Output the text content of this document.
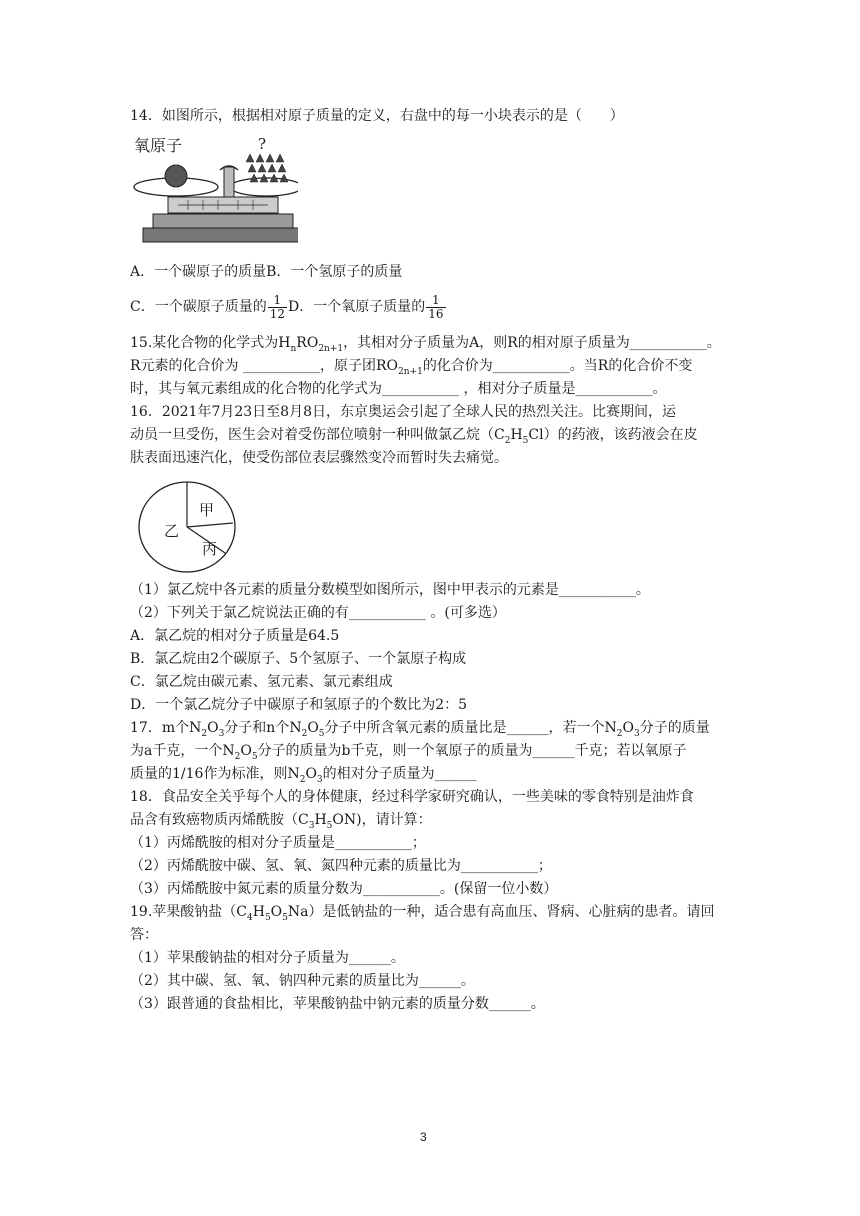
14．如图所示，根据相对原子质量的定义，右盘中的每一小块表示的是（　　）
氧原子	?
A．一个碳原子的质量B．一个氢原子的质量
C．一个碳原子质量的 $\frac{1}{12}$ D．一个氧原子质量的 $\frac{1}{16}$
15.某化合物的化学式为$H_nRO_{2n+1}$，其相对分子质量为A，则R的相对原子质量为___________。
R元素的化合价为 ___________，原子团$RO_{2n+1}$的化合价为___________。当R的化合价不变
时，其与氧元素组成的化合物的化学式为___________ ，相对分子质量是___________。
16．2021年7月23日至8月8日，东京奥运会引起了全球人民的热烈关注。比赛期间，运
动员一旦受伤，医生会对着受伤部位喷射一种叫做氯乙烷$(C_2H_5Cl)$的药液，该药液会在皮
肤表面迅速汽化，使受伤部位表层骤然变冷而暂时失去痛觉。
甲
乙
丙
（1）氯乙烷中各元素的质量分数模型如图所示，图中甲表示的元素是___________。
（2）下列关于氯乙烷说法正确的有___________ 。(可多选）
A．氯乙烷的相对分子质量是64.5
B．氯乙烷由2个碳原子、5个氢原子、一个氯原子构成
C．氯乙烷由碳元素、氢元素、氯元素组成
D．一个氯乙烷分子中碳原子和氢原子的个数比为2：5
17．m个$N_2O_3$分子和n个$N_2O_5$分子中所含氧元素的质量比是______，若一个$N_2O_3$分子的质量
为a千克，一个$N_2O_5$分子的质量为b千克，则一个氧原子的质量为______千克；若以氧原子
质量的1/16作为标准，则$N_2O_3$的相对分子质量为______
18．食品安全关乎每个人的身体健康，经过科学家研究确认，一些美味的零食特别是油炸食
品含有致癌物质丙烯酰胺$(C_3H_5ON)$，请计算：
（1）丙烯酰胺的相对分子质量是___________；
（2）丙烯酰胺中碳、氢、氧、氮四种元素的质量比为___________；
（3）丙烯酰胺中氮元素的质量分数为___________。(保留一位小数）
19.苹果酸钠盐$(C_4H_5O_5Na)$是低钠盐的一种，适合患有高血压、肾病、心脏病的患者。请回
答：
（1）苹果酸钠盐的相对分子质量为______。
（2）其中碳、氢、氧、钠四种元素的质量比为______。
（3）跟普通的食盐相比，苹果酸钠盐中钠元素的质量分数______。
3
